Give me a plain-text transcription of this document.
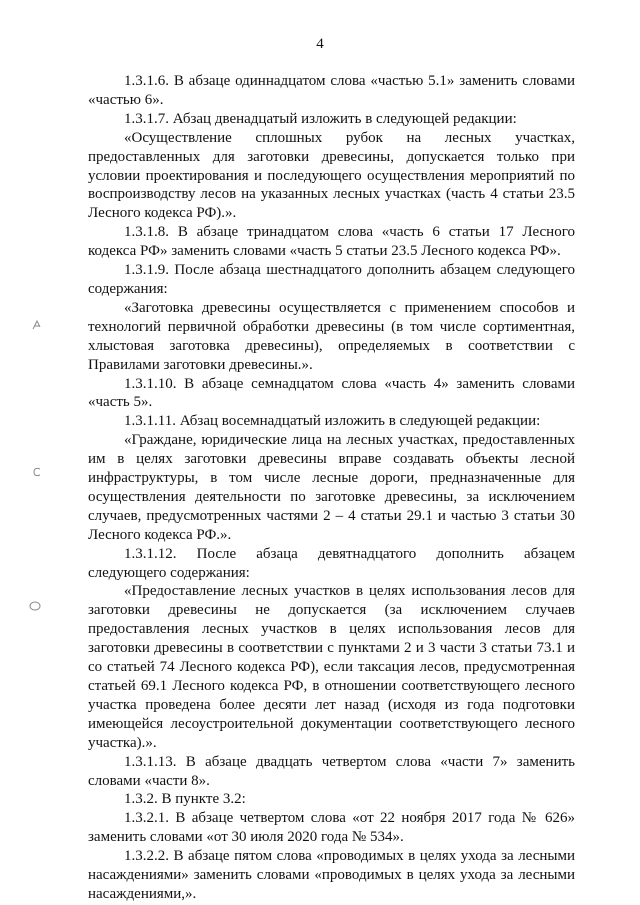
4

1.3.1.6. В абзаце одиннадцатом слова «частью 5.1» заменить словами «частью 6».

1.3.1.7. Абзац двенадцатый изложить в следующей редакции:

«Осуществление сплошных рубок на лесных участках, предоставленных для заготовки древесины, допускается только при условии проектирования и последующего осуществления мероприятий по воспроизводству лесов на указанных лесных участках (часть 4 статьи 23.5 Лесного кодекса РФ).».

1.3.1.8. В абзаце тринадцатом слова «часть 6 статьи 17 Лесного кодекса РФ» заменить словами «часть 5 статьи 23.5 Лесного кодекса РФ».

1.3.1.9. После абзаца шестнадцатого дополнить абзацем следующего содержания:

«Заготовка древесины осуществляется с применением способов и технологий первичной обработки древесины (в том числе сортиментная, хлыстовая заготовка древесины), определяемых в соответствии с Правилами заготовки древесины.».

1.3.1.10. В абзаце семнадцатом слова «часть 4» заменить словами «часть 5».

1.3.1.11. Абзац восемнадцатый изложить в следующей редакции:

«Граждане, юридические лица на лесных участках, предоставленных им в целях заготовки древесины вправе создавать объекты лесной инфраструктуры, в том числе лесные дороги, предназначенные для осуществления деятельности по заготовке древесины, за исключением случаев, предусмотренных частями 2 – 4 статьи 29.1 и частью 3 статьи 30 Лесного кодекса РФ.».

1.3.1.12. После абзаца девятнадцатого дополнить абзацем следующего содержания:

«Предоставление лесных участков в целях использования лесов для заготовки древесины не допускается (за исключением случаев предоставления лесных участков в целях использования лесов для заготовки древесины в соответствии с пунктами 2 и 3 части 3 статьи 73.1 и со статьей 74 Лесного кодекса РФ), если таксация лесов, предусмотренная статьей 69.1 Лесного кодекса РФ, в отношении соответствующего лесного участка проведена более десяти лет назад (исходя из года подготовки имеющейся лесоустроительной документации соответствующего лесного участка).».

1.3.1.13. В абзаце двадцать четвертом слова «части 7» заменить словами «части 8».

1.3.2. В пункте 3.2:

1.3.2.1. В абзаце четвертом слова «от 22 ноября 2017 года № 626» заменить словами «от 30 июля 2020 года № 534».

1.3.2.2. В абзаце пятом слова «проводимых в целях ухода за лесными насаждениями» заменить словами «проводимых в целях ухода за лесными насаждениями,».
